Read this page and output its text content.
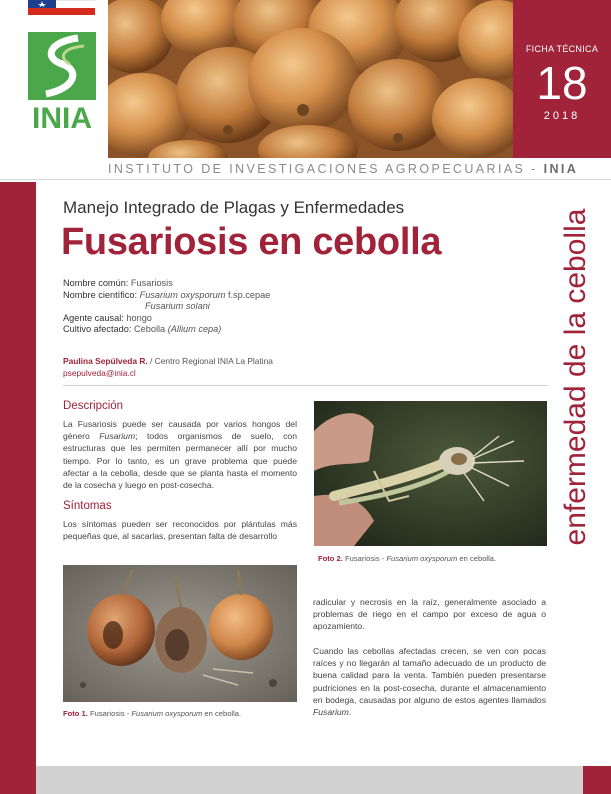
INIA
FICHA TÉCNICA
18
2018
INSTITUTO DE INVESTIGACIONES AGROPECUARIAS - INIA
enfermedad de la cebolla
Manejo Integrado de Plagas y Enfermedades
Fusariosis en cebolla
Nombre común: Fusariosis
Nombre científico: Fusarium oxysporum f.sp.cepae
Fusarium solani
Agente causal: hongo
Cultivo afectado: Cebolla (Allium cepa)
Paulina Sepúlveda R. / Centro Regional INIA La Platina
psepulveda@inia.cl
Descripción
La Fusariosis puede ser causada por varios hongos del género Fusarium; todos organismos de suelo, con estructuras que les permiten permanecer allí por mucho tiempo. Por lo tanto, es un grave problema que puede afectar a la cebolla, desde que se planta hasta el momento de la cosecha y luego en post-cosecha.
Síntomas
Los síntomas pueden ser reconocidos por plántulas más pequeñas que, al sacarlas, presentan falta de desarrollo
Foto 2. Fusariosis - Fusarium oxysporum en cebolla.
Foto 1. Fusariosis - Fusarium oxysporum en cebolla.
radicular y necrosis en la raíz, generalmente asociado a problemas de riego en el campo por exceso de agua o apozamiento.
Cuando las cebollas afectadas crecen, se ven con pocas raíces y no llegarán al tamaño adecuado de un producto de buena calidad para la venta. También pueden presentarse pudriciones en la post-cosecha, durante el almacenamiento en bodega, causadas por alguno de estos agentes llamados Fusarium.
